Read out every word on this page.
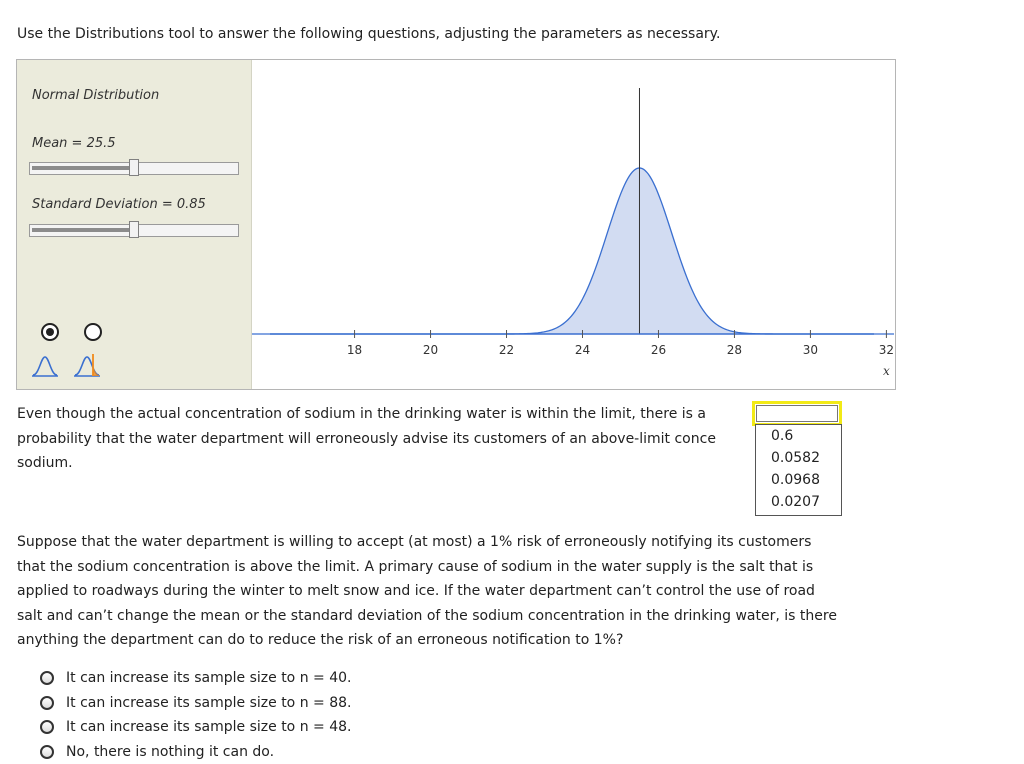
Use the Distributions tool to answer the following questions, adjusting the parameters as necessary.
Normal Distribution
Mean = 25.5
Standard Deviation = 0.85
18	20	22	24	26	28	30	32
x
Even though the actual concentration of sodium in the drinking water is within the limit, there is a
probability that the water department will erroneously advise its customers of an above-limit conce
sodium.
0.6
0.0582
0.0968
0.0207
Suppose that the water department is willing to accept (at most) a 1% risk of erroneously notifying its customers
that the sodium concentration is above the limit. A primary cause of sodium in the water supply is the salt that is
applied to roadways during the winter to melt snow and ice. If the water department can’t control the use of road
salt and can’t change the mean or the standard deviation of the sodium concentration in the drinking water, is there
anything the department can do to reduce the risk of an erroneous notification to 1%?
It can increase its sample size to n = 40.
It can increase its sample size to n = 88.
It can increase its sample size to n = 48.
No, there is nothing it can do.
